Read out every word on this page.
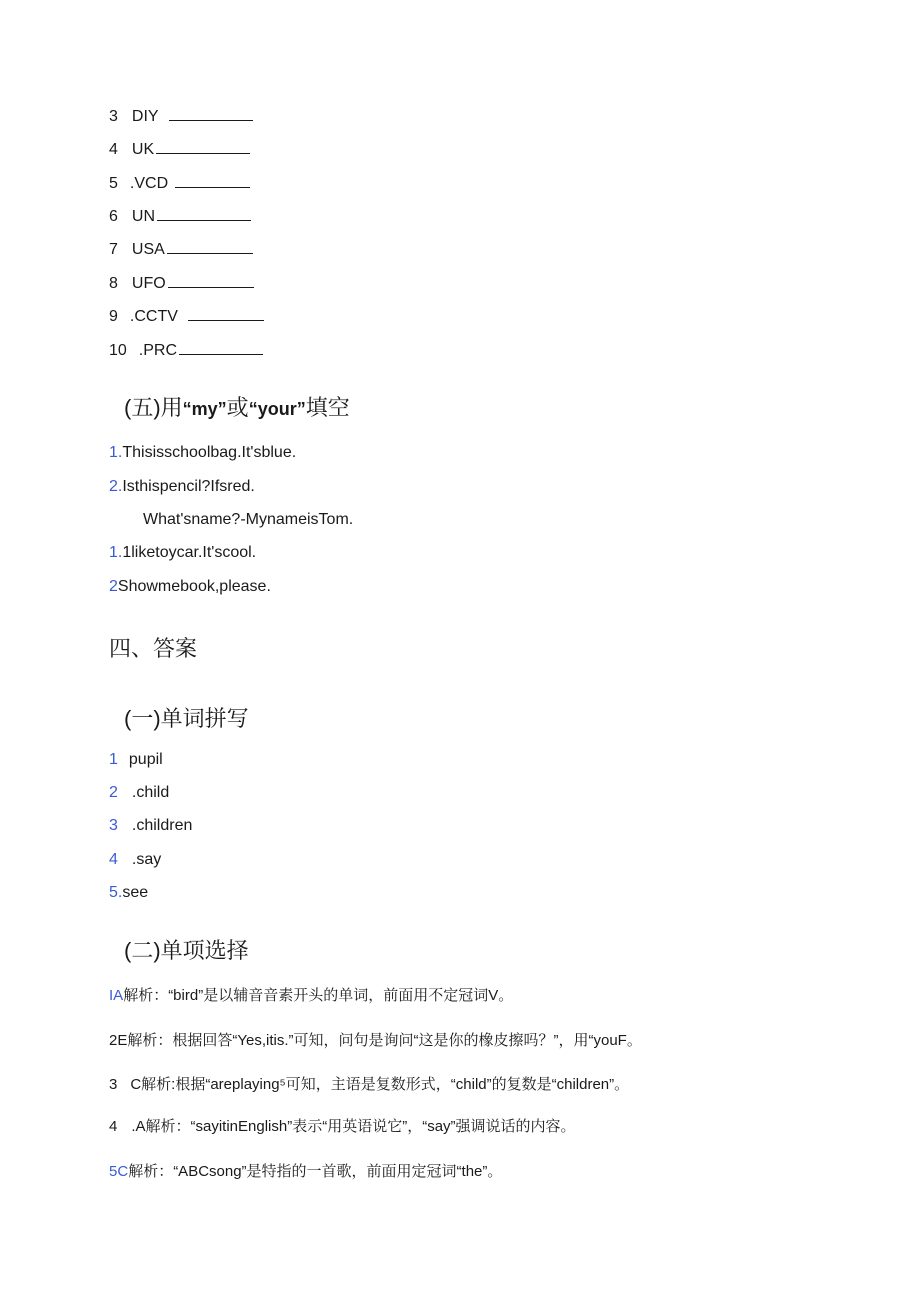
3 DIY
4 UK
5 .VCD
6 UN
7 USA
8 UFO
9 .CCTV
10 .PRC
(五)用“my”或“your”填空
1.Thisisschoolbag.It'sblue.
2.Isthispencil?Ifsred.
What'sname?-MynameisTom.
1.1liketoycar.It'scool.
2Showmebook,please.
四、答案
(一)单词拼写
1 pupil
2 .child
3 .children
4 .say
5.see
(二)单项选择
IA解析：“bird”是以辅音音素开头的单词，前面用不定冠词V。
2E解析：根据回答“Yes,itis.”可知，问句是询问“这是你的橡皮擦吗？”，用“youF。
3 C解析:根据“areplaying⁵可知，主语是复数形式，“child”的复数是“children”。
4 .A解析：“sayitinEnglish”表示“用英语说它”，“say”强调说话的内容。
5C解析：“ABCsong”是特指的一首歌，前面用定冠词“the”。
